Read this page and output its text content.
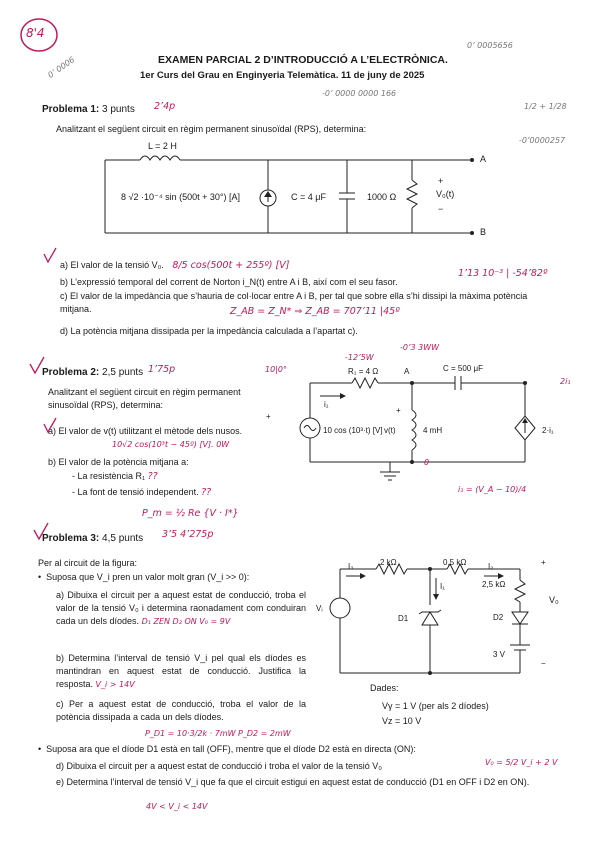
8'4
0’ 0006	EXAMEN PARCIAL 2 D’INTRODUCCIÓ A L’ELECTRÒNICA.
0’ 0005656
1er Curs del Grau en Enginyeria Telemàtica. 11 de juny de 2025
-0’ 0000 0000 166
1/2 + 1/28
-0’0000257
Problema 1: 3 punts 2’4p
Analitzant el següent circuit en règim permanent sinusoïdal (RPS), determina:
L = 2 H
A
+
8 √2 ·10⁻⁴ sin (500t + 30°) [A]	C = 4 μF	1000 Ω	V₀(t)
−
B
a) El valor de la tensió V₀. 8/5 cos(500t + 255º) [V]
b) L’expressió temporal del corrent de Norton i_N(t) entre A i B, així com el seu fasor.
1’13 10⁻³ | -54’82º
c) El valor de la impedància que s’hauria de col·locar entre A i B, per tal que sobre ella s’hi dissipi la màxima potència mitjana.	Z_AB = Z_N* ⇒ Z_AB = 707’11 |45º
d) La potència mitjana dissipada per la impedància calculada a l’apartat c).
Problema 2: 2,5 punts 1’75p
Analitzant el següent circuit en règim permanent sinusoïdal (RPS), determina:
a) El valor de v(t) utilitzant el mètode dels nusos.
10√2 cos(10³t − 45º) [V]. 0W
b) El valor de la potència mitjana a:
- La resistència R₁ ??
- La font de tensió independent. ??
P_m = ½ Re {V · I*}
3’5 4’275p
10|0°
-12’5W
-0’3 3WW
R₁ = 4 Ω	A	C = 500 μF
2i₁
i₁
+
+
10 cos (10³·t) [V] v(t)	4 mH	2·i₁
0
i₁ = (V_A − 10)/4
Problema 3: 4,5 punts
Per al circuit de la figura:
•  Suposa que V_i pren un valor molt gran (V_i >> 0):
a) Dibuixa el circuit per a aquest estat de conducció, troba el valor de la tensió V₀ i determina raonadament com conduiran cada un dels díodes. D₁ ZEN D₂ ON V₀ = 9V
b) Determina l’interval de tensió V_i pel qual els díodes es mantindran en aquest estat de conducció. Justifica la resposta. V_i > 14V
c) Per a aquest estat de conducció, troba el valor de la potència dissipada a cada un dels díodes.
P_D1 = 10·3/2k · 7mW P_D2 = 2mW
•  Suposa ara que el díode D1 està en tall (OFF), mentre que el díode D2 està en directa (ON):
d) Dibuixa el circuit per a aquest estat de conducció i troba el valor de la tensió V₀	V₀ = 5/2 V_i + 2 V
e) Determina l’interval de tensió V_i que fa que el circuit estigui en aquest estat de conducció (D1 en OFF i D2 en ON).
4V < V_i < 14V
I₃	2 kΩ	0,5 kΩ	I₂	+
2,5 kΩ
I₁
V₀
Vᵢ
D1	D2
3 V
−
Dades:
Vγ = 1 V (per als 2 díodes)
Vz = 10 V
